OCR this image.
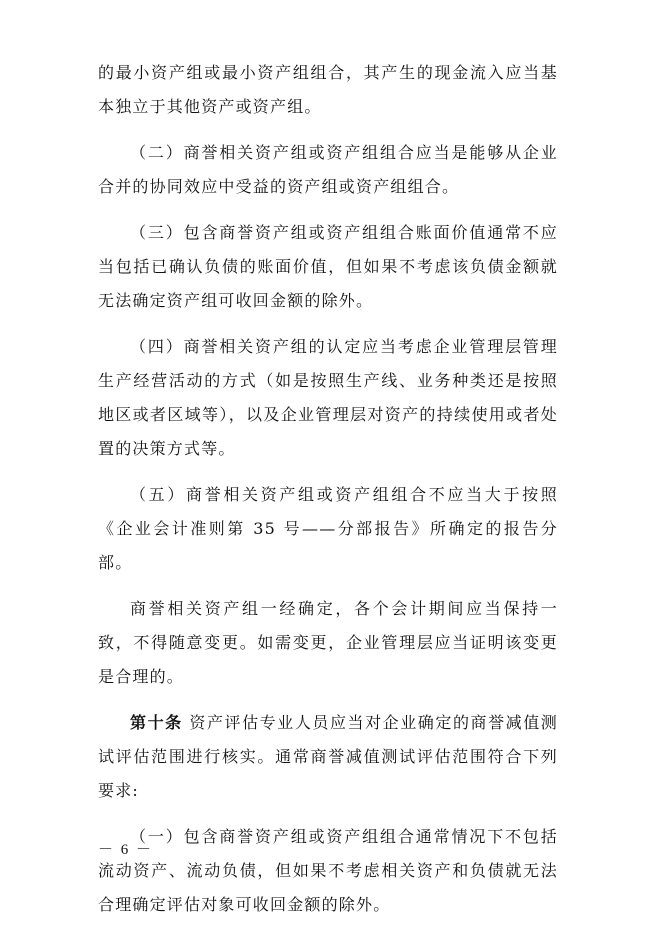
的最小资产组或最小资产组组合，其产生的现金流入应当基本独立于其他资产或资产组。

（二）商誉相关资产组或资产组组合应当是能够从企业合并的协同效应中受益的资产组或资产组组合。

（三）包含商誉资产组或资产组组合账面价值通常不应当包括已确认负债的账面价值，但如果不考虑该负债金额就无法确定资产组可收回金额的除外。

（四）商誉相关资产组的认定应当考虑企业管理层管理生产经营活动的方式（如是按照生产线、业务种类还是按照地区或者区域等），以及企业管理层对资产的持续使用或者处置的决策方式等。

（五）商誉相关资产组或资产组组合不应当大于按照《企业会计准则第 35 号——分部报告》所确定的报告分部。

商誉相关资产组一经确定，各个会计期间应当保持一致，不得随意变更。如需变更，企业管理层应当证明该变更是合理的。

第十条 资产评估专业人员应当对企业确定的商誉减值测试评估范围进行核实。通常商誉减值测试评估范围符合下列要求:

（一）包含商誉资产组或资产组组合通常情况下不包括流动资产、流动负债，但如果不考虑相关资产和负债就无法合理确定评估对象可收回金额的除外。

－ 6 －
